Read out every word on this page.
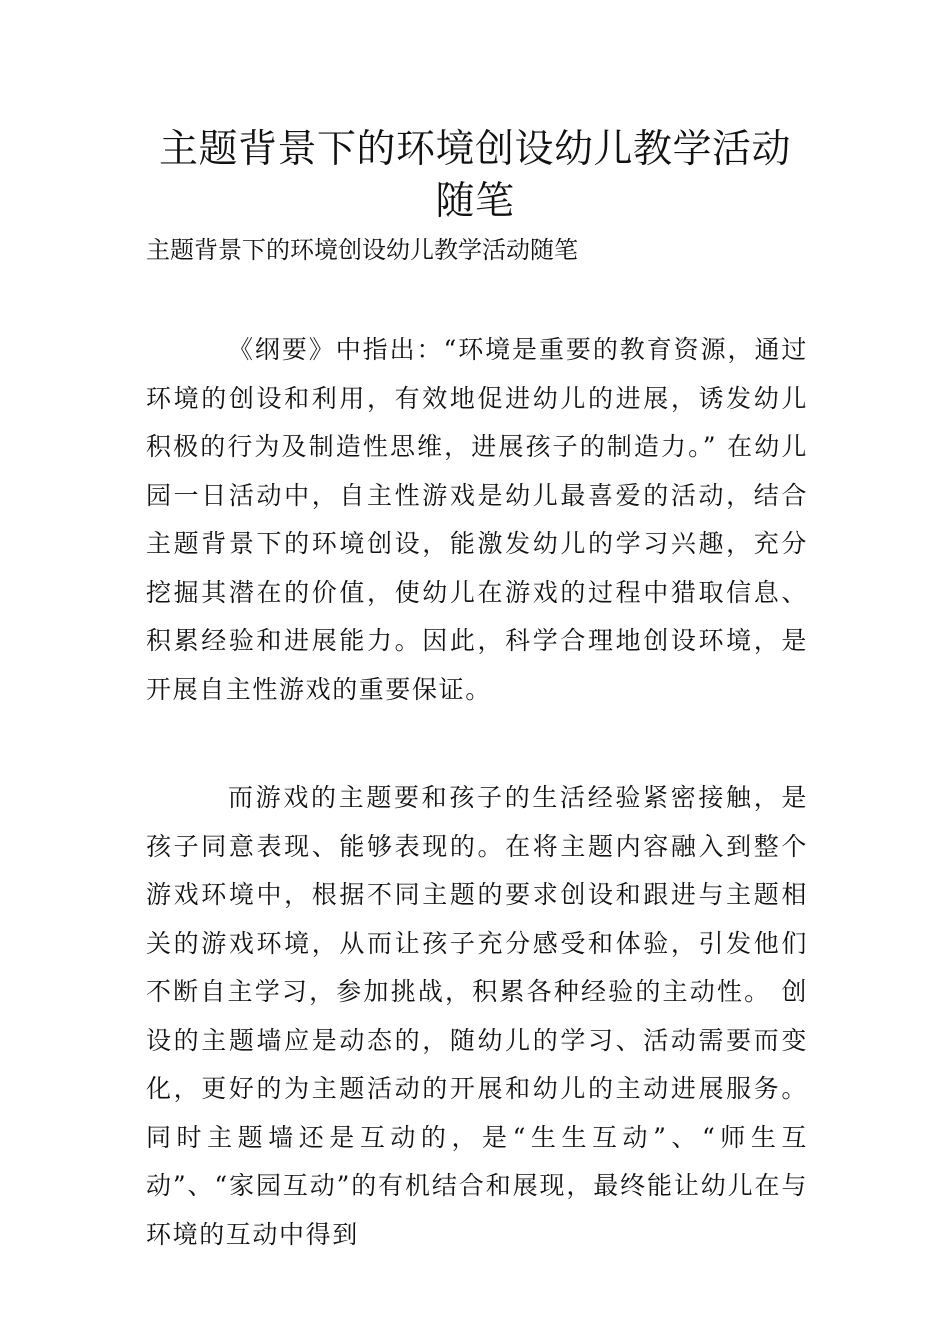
主题背景下的环境创设幼儿教学活动随笔

主题背景下的环境创设幼儿教学活动随笔

《纲要》中指出：“环境是重要的教育资源，通过环境的创设和利用，有效地促进幼儿的进展，诱发幼儿积极的行为及制造性思维，进展孩子的制造力。” 在幼儿园一日活动中，自主性游戏是幼儿最喜爱的活动，结合主题背景下的环境创设，能激发幼儿的学习兴趣，充分挖掘其潜在的价值，使幼儿在游戏的过程中猎取信息、积累经验和进展能力。因此，科学合理地创设环境，是开展自主性游戏的重要保证。

而游戏的主题要和孩子的生活经验紧密接触，是孩子同意表现、能够表现的。在将主题内容融入到整个游戏环境中，根据不同主题的要求创设和跟进与主题相关的游戏环境，从而让孩子充分感受和体验，引发他们不断自主学习，参加挑战，积累各种经验的主动性。 创设的主题墙应是动态的，随幼儿的学习、活动需要而变化，更好的为主题活动的开展和幼儿的主动进展服务。同时主题墙还是互动的，是“生生互动”、“师生互动”、“家园互动”的有机结合和展现，最终能让幼儿在与环境的互动中得到
